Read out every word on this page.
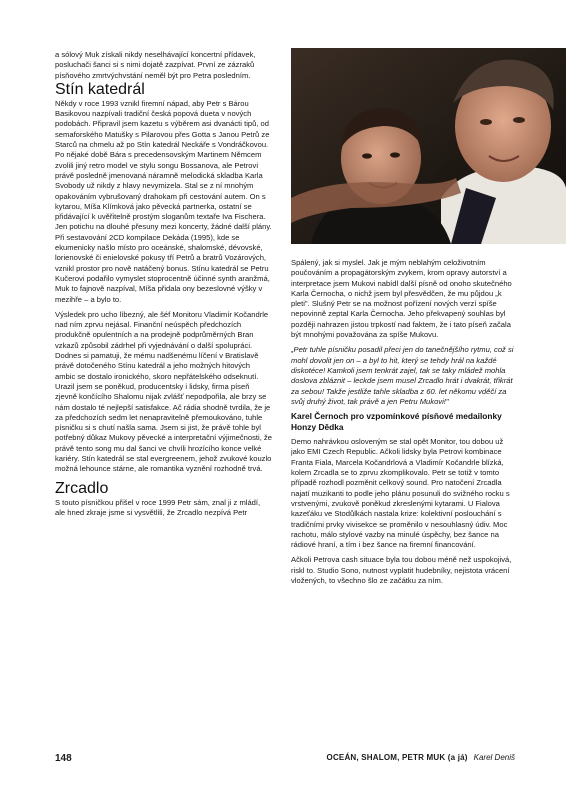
a sólový Muk získali nikdy neselhávající koncertní přídavek, posluchači šanci si s nimi dojatě zazpívat. První ze zázraků písňového zmrtvýchvstání neměl být pro Petra posledním.

Stín katedrál

Někdy v roce 1993 vznikl firemní nápad, aby Petr s Bárou Basikovou nazpívali tradiční česká popová dueta v nových podobách. Připravil jsem kazetu s výběrem asi dvanácti tipů, od semaforského Matušky s Pilarovou přes Gotta s Janou Petrů ze Starců na chmelu až po Stín katedrál Neckáře s Vondráčkovou. Po nějaké době Bára s precedensovským Martinem Němcem zvolili jiný retro model ve stylu songu Bossanova, ale Petrovi právě posledně jmenovaná náramně melodická skladba Karla Svobody už nikdy z hlavy nevymizela. Stal se z ní mnohým opakováním vybrušovaný drahokam při cestování autem. On s kytarou, Míša Klímková jako pěvecká partnerka, ostatní se přidávající k uvěřitelně prostým sloganům textaře Iva Fischera. Jen potichu na dlouhé přesuny mezi koncerty, žádné další plány. Při sestavování 2CD kompilace Dekáda (1995), kde se ekumenicky našlo místo pro oceánské, shalomské, dévovské, lorienovské či enielovské pokusy tří Petrů a bratrů Vozárových, vznikl prostor pro nově natáčený bonus. Stínu katedrál se Petru Kučerovi podařilo vymyslet stoprocentně účinné synth aranžmá, Muk to fajnově nazpíval, Míša přidala ony bezeslovné výšky v mezihře – a bylo to.

Výsledek pro ucho líbezný, ale šéf Monitoru Vladimír Kočandrle nad ním zprvu nejásal. Finanční neúspěch předchozích produkčně opulentních a na prodejně podprůměrných Bran vzkazů způsobil zádrhel při vyjednávání o další spolupráci. Dodnes si pamatuji, že mému nadšenému líčení v Bratislavě právě dotočeného Stínu katedrál a jeho možných hitových ambic se dostalo ironického, skoro nepřátelského odseknutí. Urazil jsem se poněkud, producentsky i lidsky, firma píseň zjevně končícího Shalomu nijak zvlášť nepodpořila, ale brzy se nám dostalo té nejlepší satisfakce. Ač rádia shodně tvrdila, že je za předchozích sedm let nenapravitelně přemoukováno, tuhle písničku si s chutí našla sama. Jsem si jist, že právě tohle byl potřebný důkaz Mukovy pěvecké a interpretační výjimečnosti, že právě tento song mu dal šanci ve chvíli hrozícího konce velké kariéry. Stín katedrál se stal evergreenem, jehož zvukové kouzlo možná lehounce stárne, ale romantika vyznění rozhodně trvá.

Zrcadlo

S touto písničkou přišel v roce 1999 Petr sám, znal ji z mládí, ale hned zkraje jsme si vysvětlili, že Zrcadlo nezpívá Petr

Spálený, jak si myslel. Jak je mým neblahým celoživotním poučováním a propagátorským zvykem, krom opravy autorství a interpretace jsem Mukovi nabídl další písně od onoho skutečného Karla Černocha, o nichž jsem byl přesvědčen, že mu půjdou „k pleti". Slušný Petr se na možnost pořízení nových verzí spíše nepovinně zeptal Karla Černocha. Jeho překvapený souhlas byl později nahrazen jistou trpkostí nad faktem, že i tato píseň začala být mnohými považována za spíše Mukovu.

„Petr tuhle písničku posadil přeci jen do tanečnějšího rytmu, což si mohl dovolit jen on – a byl to hit, který se tehdy hrál na každé diskotéce! Kamkoli jsem tenkrát zajel, tak se taky mládež mohla doslova zbláznit – leckde jsem musel Zrcadlo hrát i dvakrát, třikrát za sebou! Takže jestliže tahle skladba z 60. let někomu vděčí za svůj druhý život, tak právě a jen Petru Mukovi!"

Karel Černoch pro vzpomínkové písňové medailonky Honzy Dědka

Demo nahrávkou osloveným se stal opět Monitor, tou dobou už jako EMI Czech Republic. Ačkoli lidsky byla Petrovi kombinace Franta Fiala, Marcela Kočandrlová a Vladimír Kočandrle blízká, kolem Zrcadla se to zprvu zkomplikovalo. Petr se totiž v tomto případě rozhodl pozměnit celkový sound. Pro natočení Zrcadla najatí muzikanti to podle jeho plánu posunuli do svižného rocku s vrstvenými, zvukově poněkud zkreslenými kytarami. U Fialova kazeťáku ve Stodůlkách nastala krize: kolektivní poslouchání s tradičními prvky vivisekce se proměnilo v nesouhlasný údiv. Moc rachotu, málo stylové vazby na minulé úspěchy, bez šance na rádiové hraní, a tím i bez šance na firemní financování.

Ačkoli Petrova cash situace byla tou dobou méně než uspokojivá, riskl to. Studio Sono, nutnost vyplatit hudebníky, nejistota vrácení vložených, to všechno šlo ze začátku za ním.

148	OCEÁN, SHALOM, PETR MUK (a já) Karel Deniš
